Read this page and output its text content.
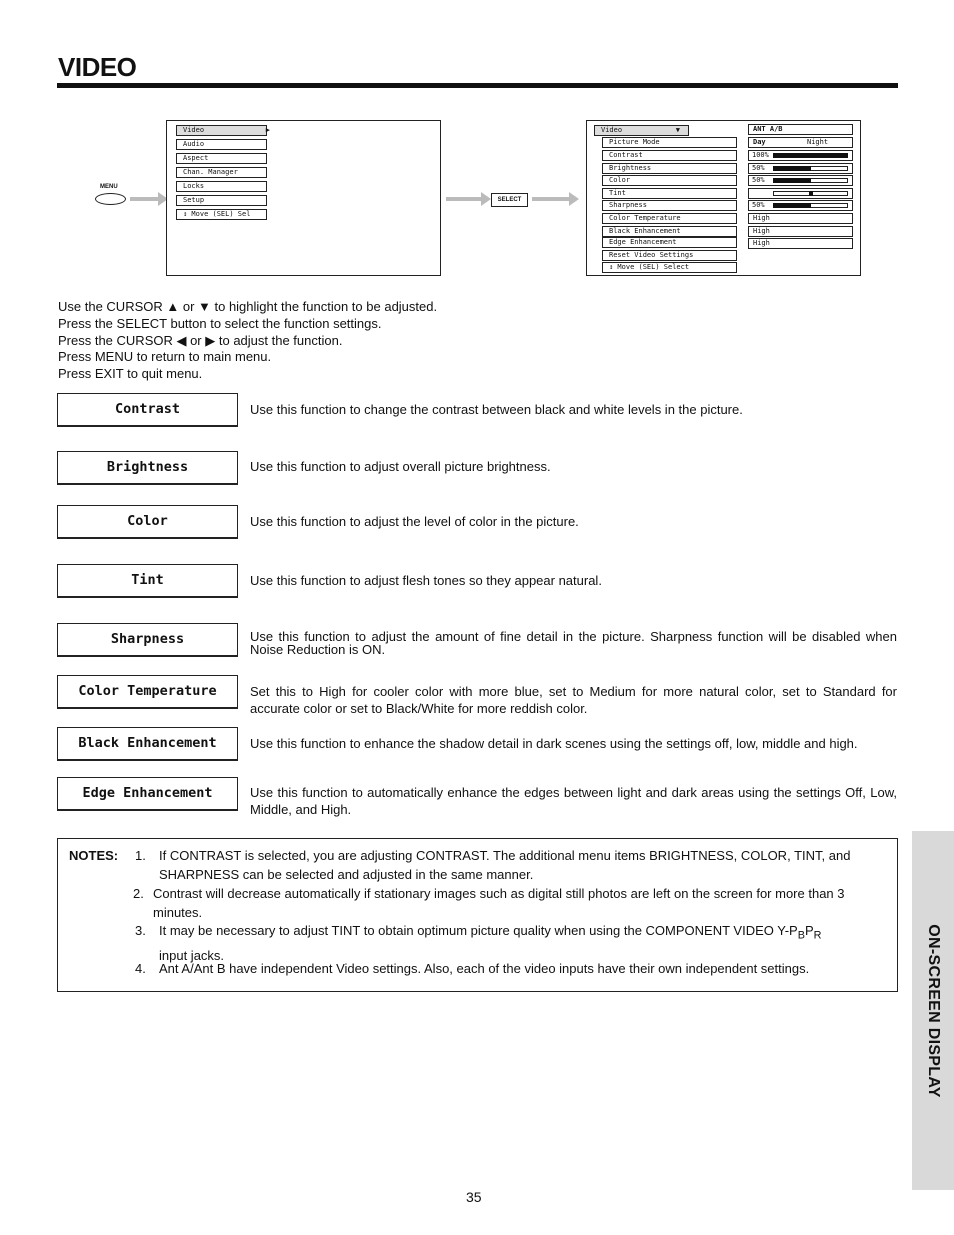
VIDEO
MENU
Video	▶
Audio
Aspect
Chan. Manager
Locks
Setup
↕ Move (SEL) Sel
SELECT
Video	▼
Picture Mode
Contrast
Brightness
Color
Tint
Sharpness
Color Temperature
Black Enhancement
Edge Enhancement
Reset Video Settings
↕ Move (SEL) Select
ANT A/B
Day	Night
100%
50%
50%
50%
High
High
High
Use the CURSOR ▲ or ▼ to highlight the function to be adjusted.
Press the SELECT button to select the function settings.
Press the CURSOR ◀ or ▶ to adjust the function.
Press MENU to return to main menu.
Press EXIT to quit menu.
Contrast	Use this function to change the contrast between black and white levels in the picture.
Brightness	Use this function to adjust overall picture brightness.
Color	Use this function to adjust the level of color in the picture.
Tint	Use this function to adjust flesh tones so they appear natural.
Sharpness	Use this function to adjust the amount of fine detail in the picture. Sharpness function will be disabled when Noise Reduction is ON.
Color Temperature	Set this to High for cooler color with more blue, set to Medium for more natural color, set to Standard for accurate color or set to Black/White for more reddish color.
Black Enhancement	Use this function to enhance the shadow detail in dark scenes using the settings off, low, middle and high.
Edge Enhancement	Use this function to automatically enhance the edges between light and dark areas using the settings Off, Low, Middle, and High.
NOTES: 1. If CONTRAST is selected, you are adjusting CONTRAST. The additional menu items BRIGHTNESS, COLOR, TINT, and SHARPNESS can be selected and adjusted in the same manner.
2. Contrast will decrease automatically if stationary images such as digital still photos are left on the screen for more than 3 minutes.
3. It may be necessary to adjust TINT to obtain optimum picture quality when using the COMPONENT VIDEO $Y-P_BP_R$
input jacks.
4. Ant A/Ant B have independent Video settings. Also, each of the video inputs have their own independent settings.	ON-SCREEN DISPLAY
35
